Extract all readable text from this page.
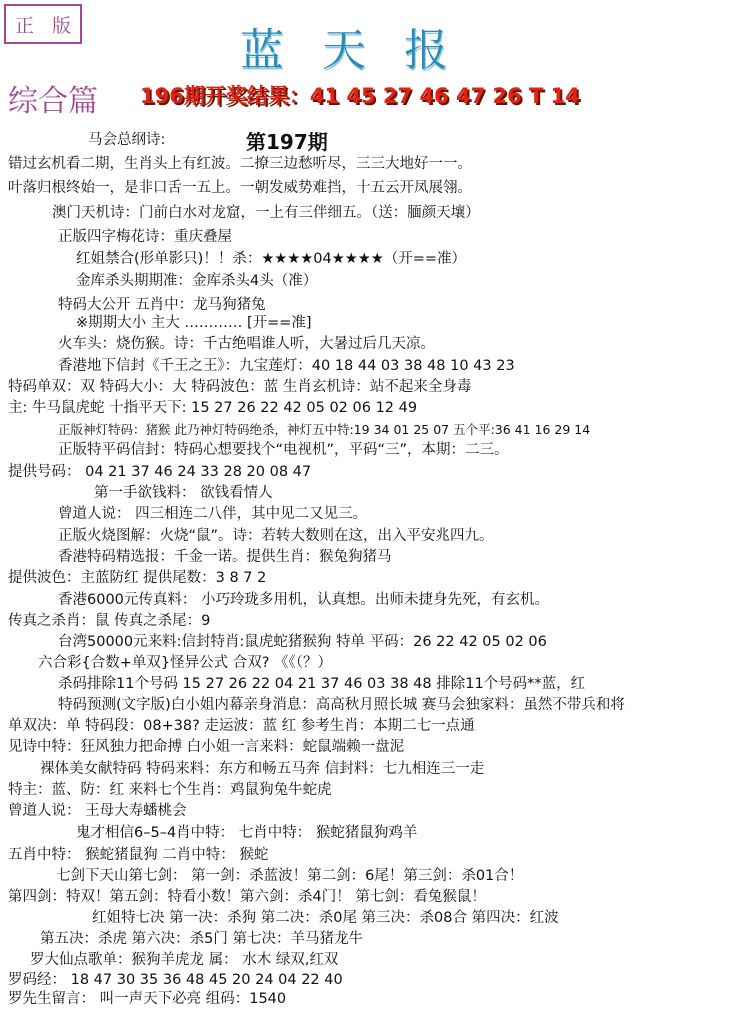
正 版	蓝天报
综合篇 196期开奖结果：41 45 27 46 47 26 T 14
第197期
马会总纲诗:
错过玄机看二期，生肖头上有红波。二撩三边愁听尽，三三大地好一一。
叶落归根终始一，是非口舌一五上。一朝发威势难挡，十五云开凤展翎。
澳门天机诗：门前白水对龙窟，一上有三伴细五。（送：腼颜天壤）
正版四字梅花诗：重庆叠屋
红姐禁合(形单影只)！！杀：★★★★04★★★★（开==准）
金库杀头期期准：金库杀头4头（准）
特码大公开 五肖中：龙马狗猪兔
※期期大小 主大 ………… [开==准]
火车头：烧伤猴。诗：千古绝唱谁人听，大暑过后几天凉。
香港地下信封《千王之王》：九宝莲灯：40 18 44 03 38 48 10 43 23
特码单双：双 特码大小：大 特码波色：蓝 生肖玄机诗：站不起来全身毒
主: 牛马鼠虎蛇 十指平天下: 15 27 26 22 42 05 02 06 12 49
正版神灯特码：猪猴 此乃神灯特码绝杀，神灯五中特:19 34 01 25 07 五个平:36 41 16 29 14
正版特平码信封：特码心想要找个“电视机”，平码“三”，本期：二三。
提供号码： 04 21 37 46 24 33 28 20 08 47
第一手欲钱料： 欲钱看情人
曾道人说： 四三相连二八伴，其中见二又见三。
正版火烧图解：火烧“鼠”。诗：若转大数则在这，出入平安兆四九。
香港特码精选报：千金一诺。提供生肖：猴兔狗猪马
提供波色：主蓝防红 提供尾数：3 8 7 2
香港6000元传真料： 小巧玲珑多用机，认真想。出师未捷身先死，有玄机。
传真之杀肖：鼠 传真之杀尾：9
台湾50000元来料:信封特肖:鼠虎蛇猪猴狗 特单 平码：26 22 42 05 02 06
六合彩{合数+单双}怪异公式 合双? 《《（？）
杀码排除11个号码 15 27 26 22 04 21 37 46 03 38 48 排除11个号码**蓝，红
特码预测(文字版)白小姐内幕亲身消息：高高秋月照长城 赛马会独家料：虽然不带兵和将
单双决：单 特码段：08+38? 走运波：蓝 红 参考生肖：本期二七一点通
见诗中特：狂风独力把命搏 白小姐一言来料：蛇鼠端赖一盘泥
裸体美女献特码 特码来料：东方和畅五马奔 信封料：七九相连三一走
特主：蓝、防：红 来料七个生肖：鸡鼠狗兔牛蛇虎
曾道人说： 王母大寿蟠桃会
鬼才相信6–5–4肖中特： 七肖中特： 猴蛇猪鼠狗鸡羊
五肖中特： 猴蛇猪鼠狗 二肖中特： 猴蛇
七剑下天山第七剑： 第一剑：杀蓝波！第二剑：6尾！第三剑：杀01合！
第四剑：特双！第五剑：特看小数！第六剑：杀4门！ 第七剑：看兔猴鼠！
红姐特七决 第一决：杀狗 第二决：杀0尾 第三决：杀08合 第四决：红波
第五决：杀虎 第六决：杀5门 第七决：羊马猪龙牛
罗大仙点歌单：猴狗羊虎龙 属： 水木 绿双,红双
罗码经： 18 47 30 35 36 48 45 20 24 04 22 40
罗先生留言： 叫一声天下必亮 组码：1540
